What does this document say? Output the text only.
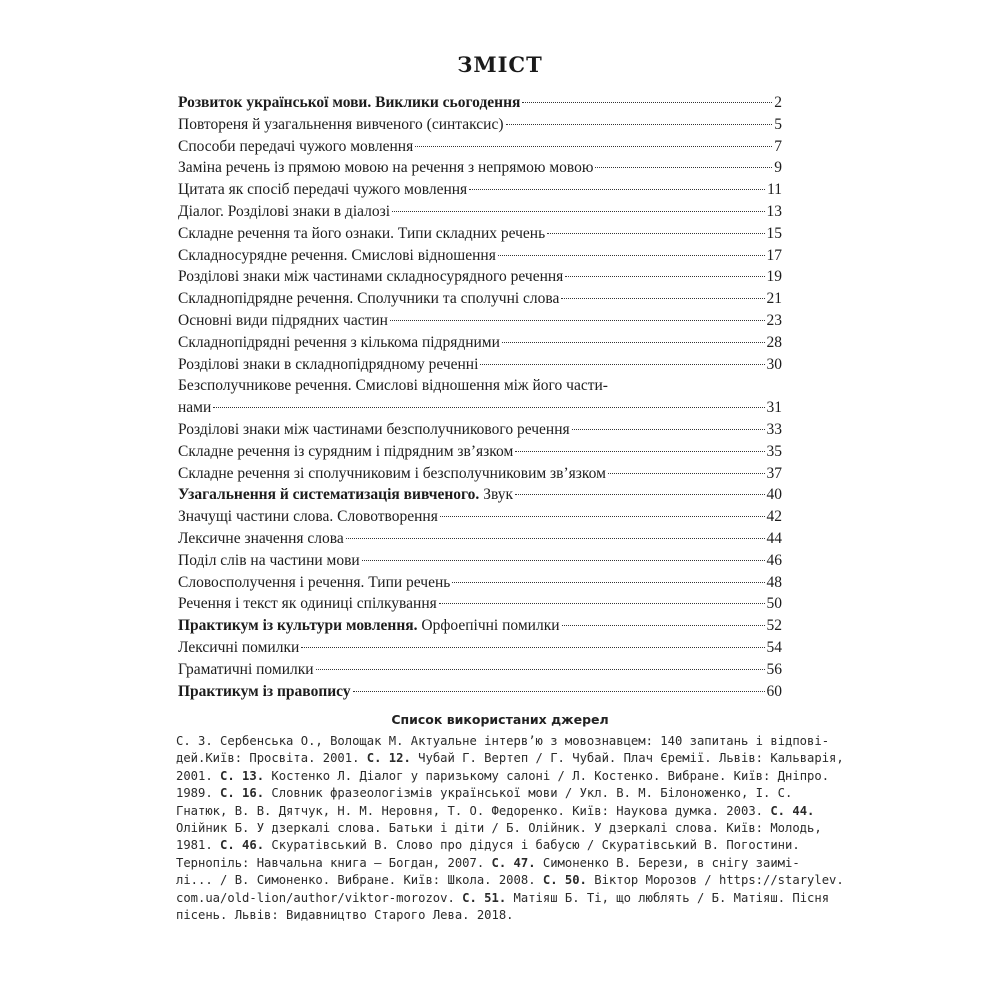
ЗМІСТ
Розвиток української мови. Виклики сьогодення	2
Повтореня й узагальнення вивченого (синтаксис)	5
Способи передачі чужого мовлення	7
Заміна речень із прямою мовою на речення з непрямою мовою	9
Цитата як спосіб передачі чужого мовлення	11
Діалог. Розділові знаки в діалозі	13
Складне речення та його ознаки. Типи складних речень	15
Складносурядне речення. Смислові відношення	17
Розділові знаки між частинами складносурядного речення	19
Складнопідрядне речення. Сполучники та сполучні слова	21
Основні види підрядних частин	23
Складнопідрядні речення з кількома підрядними	28
Розділові знаки в складнопідрядному реченні	30
Безсполучникове речення. Смислові відношення між його части-
нами	31
Розділові знаки між частинами безсполучникового речення	33
Складне речення із сурядним і підрядним зв’язком	35
Складне речення зі сполучниковим і безсполучниковим зв’язком	37
Узагальнення й систематизація вивченого. Звук	40
Значущі частини слова. Словотворення	42
Лексичне значення слова	44
Поділ слів на частини мови	46
Словосполучення і речення. Типи речень	48
Речення і текст як одиниці спілкування	50
Практикум із культури мовлення. Орфоепічні помилки	52
Лексичні помилки	54
Граматичні помилки	56
Практикум із правопису	60
Список використаних джерел
С. 3. Сербенська О., Волощак М. Актуальне інтерв’ю з мовознавцем: 140 запитань і відпові-
дей.Київ: Просвіта. 2001. С. 12. Чубай Г. Вертеп / Г. Чубай. Плач Єремії. Львів: Кальварія,
2001. С. 13. Костенко Л. Діалог у паризькому салоні / Л. Костенко. Вибране. Київ: Дніпро.
1989. С. 16. Словник фразеологізмів української мови / Укл. В. М. Білоноженко, І. С.
Гнатюк, В. В. Дятчук, Н. М. Неровня, Т. О. Федоренко. Київ: Наукова думка. 2003. С. 44.
Олійник Б. У дзеркалі слова. Батьки і діти / Б. Олійник. У дзеркалі слова. Київ: Молодь,
1981. С. 46. Скуратівський В. Слово про дідуся і бабусю / Скуратівський В. Погостини.
Тернопіль: Навчальна книга — Богдан, 2007. С. 47. Симоненко В. Берези, в снігу заимі-
лі... / В. Симоненко. Вибране. Київ: Школа. 2008. С. 50. Віктор Морозов / https://starylev.
com.ua/old-lion/author/viktor-morozov. С. 51. Матіяш Б. Ті, що люблять / Б. Матіяш. Пісня
пісень. Львів: Видавництво Старого Лева. 2018.
